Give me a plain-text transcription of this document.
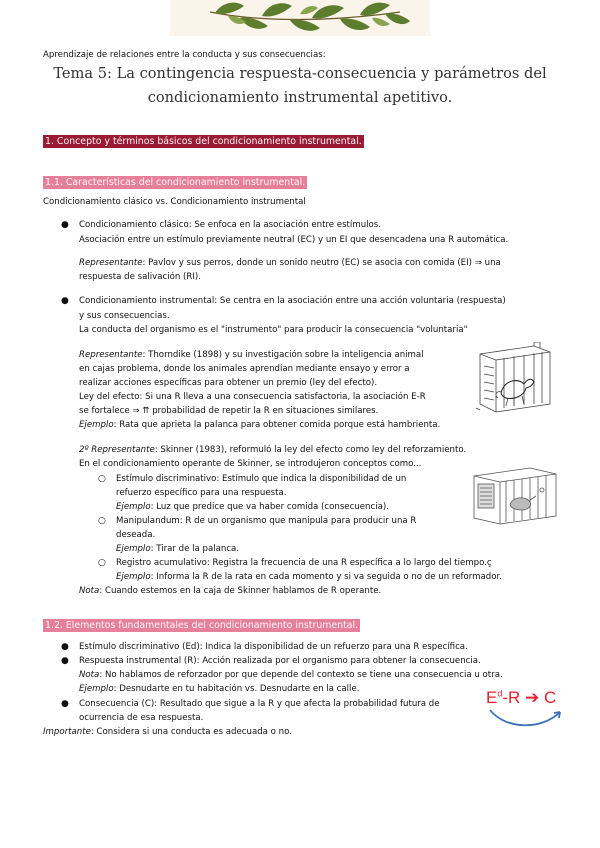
Aprendizaje de relaciones entre la conducta y sus consecuencias:
Tema 5: La contingencia respuesta-consecuencia y parámetros del
condicionamiento instrumental apetitivo.
1. Concepto y términos básicos del condicionamiento instrumental.
1.1. Características del condicionamiento instrumental.
Condicionamiento clásico vs. Condicionamiento instrumental
● Condicionamiento clásico: Se enfoca en la asociación entre estímulos.
Asociación entre un estímulo previamente neutral (EC) y un EI que desencadena una R automática.
Representante: Pavlov y sus perros, donde un sonido neutro (EC) se asocia con comida (EI) ⇒ una
respuesta de salivación (RI).
● Condicionamiento instrumental: Se centra en la asociación entre una acción voluntaria (respuesta)
y sus consecuencias.
La conducta del organismo es el "instrumento" para producir la consecuencia "voluntaria"
Representante: Thorndike (1898) y su investigación sobre la inteligencia animal
en cajas problema, donde los animales aprendían mediante ensayo y error a
realizar acciones específicas para obtener un premio (ley del efecto).
Ley del efecto: Si una R lleva a una consecuencia satisfactoria, la asociación E-R
se fortalece ⇒ ⇈ probabilidad de repetir la R en situaciones similares.
Ejemplo: Rata que aprieta la palanca para obtener comida porque está hambrienta.
2º Representante: Skinner (1983), reformuló la ley del efecto como ley del reforzamiento.
En el condicionamiento operante de Skinner, se introdujeron conceptos como...
○ Estímulo discriminativo: Estímulo que indica la disponibilidad de un
refuerzo específico para una respuesta.
Ejemplo: Luz que predice que va haber comida (consecuencia).
○ Manipulandum: R de un organismo que manipula para producir una R
deseada.
Ejemplo: Tirar de la palanca.
○ Registro acumulativo: Registra la frecuencia de una R específica a lo largo del tiempo.ç
Ejemplo: Informa la R de la rata en cada momento y si va seguida o no de un reformador.
Nota: Cuando estemos en la caja de Skinner hablamos de R operante.
1.2. Elementos fundamentales del condicionamiento instrumental.
● Estímulo discriminativo (Ed): Indica la disponibilidad de un refuerzo para una R específica.
● Respuesta instrumental (R): Acción realizada por el organismo para obtener la consecuencia.
Nota: No hablamos de reforzador por que depende del contexto se tiene una consecuencia u otra.
Ejemplo: Desnudarte en tu habitación vs. Desnudarte en la calle.
● Consecuencia (C): Resultado que sigue a la R y que afecta la probabilidad futura de
ocurrencia de esa respuesta.
Importante: Considera si una conducta es adecuada o no.
$E^d-R$ ➔ C
